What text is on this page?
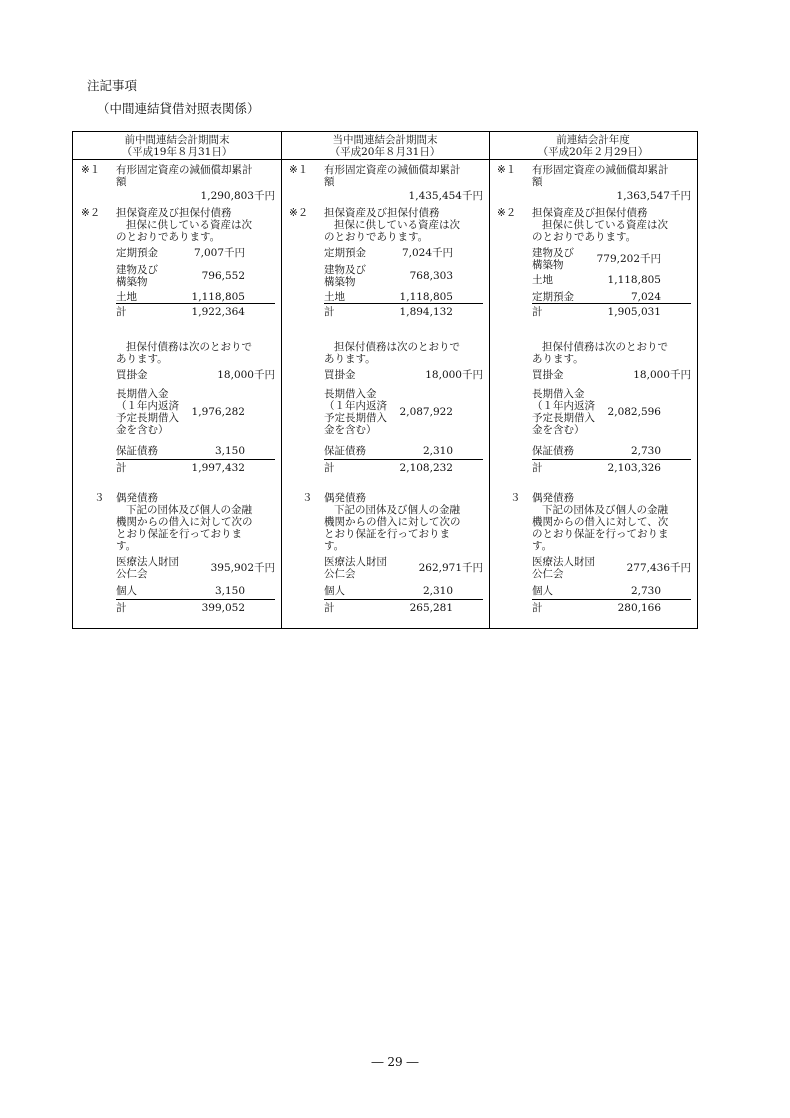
注記事項
（中間連結貸借対照表関係）
前中間連結会計期間末
（平成19年８月31日）
※１ 有形固定資産の減価償却累計
額
1,290,803千円
※２ 担保資産及び担保付債務
担保に供している資産は次
のとおりであります。
定期預金	7,007千円
建物及び
構築物	796,552
土地	1,118,805
計	1,922,364
担保付債務は次のとおりで
あります。
買掛金	18,000千円
長期借入金
（１年内返済
予定長期借入
金を含む）
1,976,282
保証債務	3,150
計	1,997,432
３ 偶発債務
下記の団体及び個人の金融
機関からの借入に対して次の
とおり保証を行っておりま
す。
医療法人財団
公仁会	395,902千円
個人	3,150
計	399,052
当中間連結会計期間末
（平成20年８月31日）
※１ 有形固定資産の減価償却累計
額
1,435,454千円
※２ 担保資産及び担保付債務
担保に供している資産は次
のとおりであります。
定期預金	7,024千円
建物及び
構築物	768,303
土地	1,118,805
計	1,894,132
担保付債務は次のとおりで
あります。
買掛金	18,000千円
長期借入金
（１年内返済
予定長期借入
金を含む）
2,087,922
保証債務	2,310
計	2,108,232
３ 偶発債務
下記の団体及び個人の金融
機関からの借入に対して次の
とおり保証を行っておりま
す。
医療法人財団
公仁会	262,971千円
個人	2,310
計	265,281
前連結会計年度
（平成20年２月29日）
※１ 有形固定資産の減価償却累計
額
1,363,547千円
※２ 担保資産及び担保付債務
担保に供している資産は次
のとおりであります。
建物及び
構築物	779,202千円
土地	1,118,805
定期預金	7,024
計	1,905,031
担保付債務は次のとおりで
あります。
買掛金	18,000千円
長期借入金
（１年内返済
予定長期借入
金を含む）
2,082,596
保証債務	2,730
計	2,103,326
３ 偶発債務
下記の団体及び個人の金融
機関からの借入に対して、次
のとおり保証を行っておりま
す。
医療法人財団
公仁会	277,436千円
個人	2,730
計	280,166
― 29 ―
